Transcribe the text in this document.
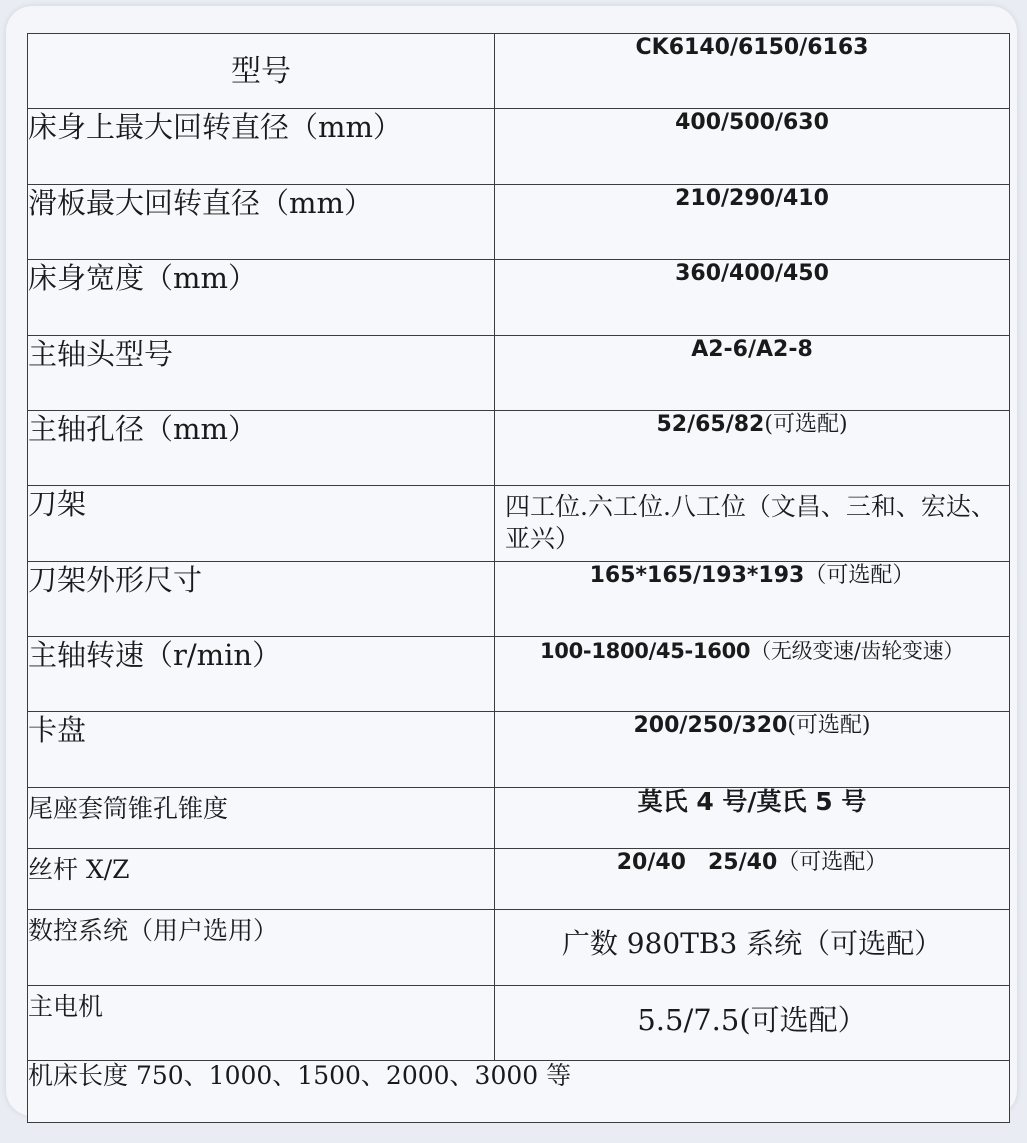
型号	CK6140/6150/6163
床身上最大回转直径（mm）	400/500/630
滑板最大回转直径（mm）	210/290/410
床身宽度（mm）	360/400/450
主轴头型号	A2-6/A2-8
主轴孔径（mm）	52/65/82(可选配)
刀架	四工位.六工位.八工位（文昌、三和、宏达、亚兴）
刀架外形尺寸	165*165/193*193（可选配）
主轴转速（r/min）	100-1800/45-1600（无级变速/齿轮变速）
卡盘	200/250/320(可选配)
尾座套筒锥孔锥度	莫氏 4 号/莫氏 5 号
丝杆 X/Z	20/40　25/40（可选配）
数控系统（用户选用）	广数 980TB3 系统（可选配）
主电机	5.5/7.5(可选配）
机床长度 750、1000、1500、2000、3000 等	
